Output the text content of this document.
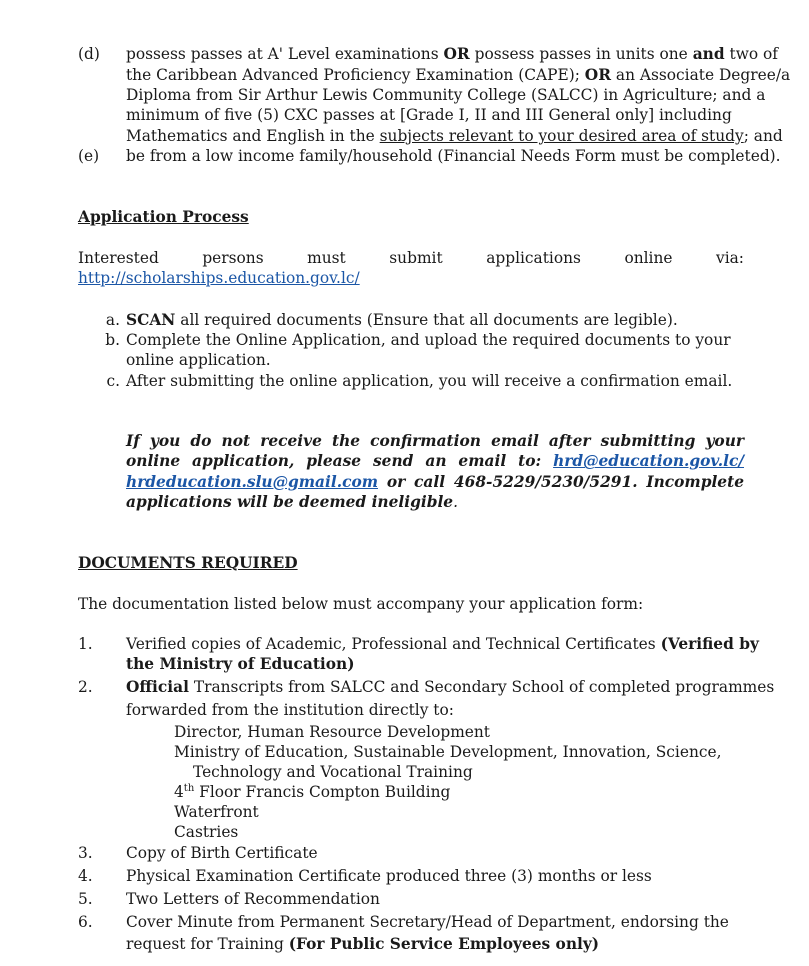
(d)	possess passes at A' Level examinations OR possess passes in units one and two of
the Caribbean Advanced Proficiency Examination (CAPE); OR an Associate Degree/a
Diploma from Sir Arthur Lewis Community College (SALCC) in Agriculture; and a
minimum of five (5) CXC passes at [Grade I, II and III General only] including
Mathematics and English in the subjects relevant to your desired area of study; and
(e)	be from a low income family/household (Financial Needs Form must be completed).
Application Process
Interested	persons	must	submit	applications	online	via:
http://scholarships.education.gov.lc/
a. SCAN all required documents (Ensure that all documents are legible).
b. Complete the Online Application, and upload the required documents to your online application.
c. After submitting the online application, you will receive a confirmation email.
If you do not receive the confirmation email after submitting your online application, please send an email to: hrd@education.gov.lc/ hrdeducation.slu@gmail.com or call 468-5229/5230/5291. Incomplete applications will be deemed ineligible.
DOCUMENTS REQUIRED
The documentation listed below must accompany your application form:
1.	Verified copies of Academic, Professional and Technical Certificates (Verified by
the Ministry of Education)
2.	Official Transcripts from SALCC and Secondary School of completed programmes
forwarded from the institution directly to:
Director, Human Resource Development
Ministry of Education, Sustainable Development, Innovation, Science,
Technology and Vocational Training
4th Floor Francis Compton Building
Waterfront
Castries
3.	Copy of Birth Certificate
4.	Physical Examination Certificate produced three (3) months or less
5.	Two Letters of Recommendation
6.	Cover Minute from Permanent Secretary/Head of Department, endorsing the
request for Training (For Public Service Employees only)
